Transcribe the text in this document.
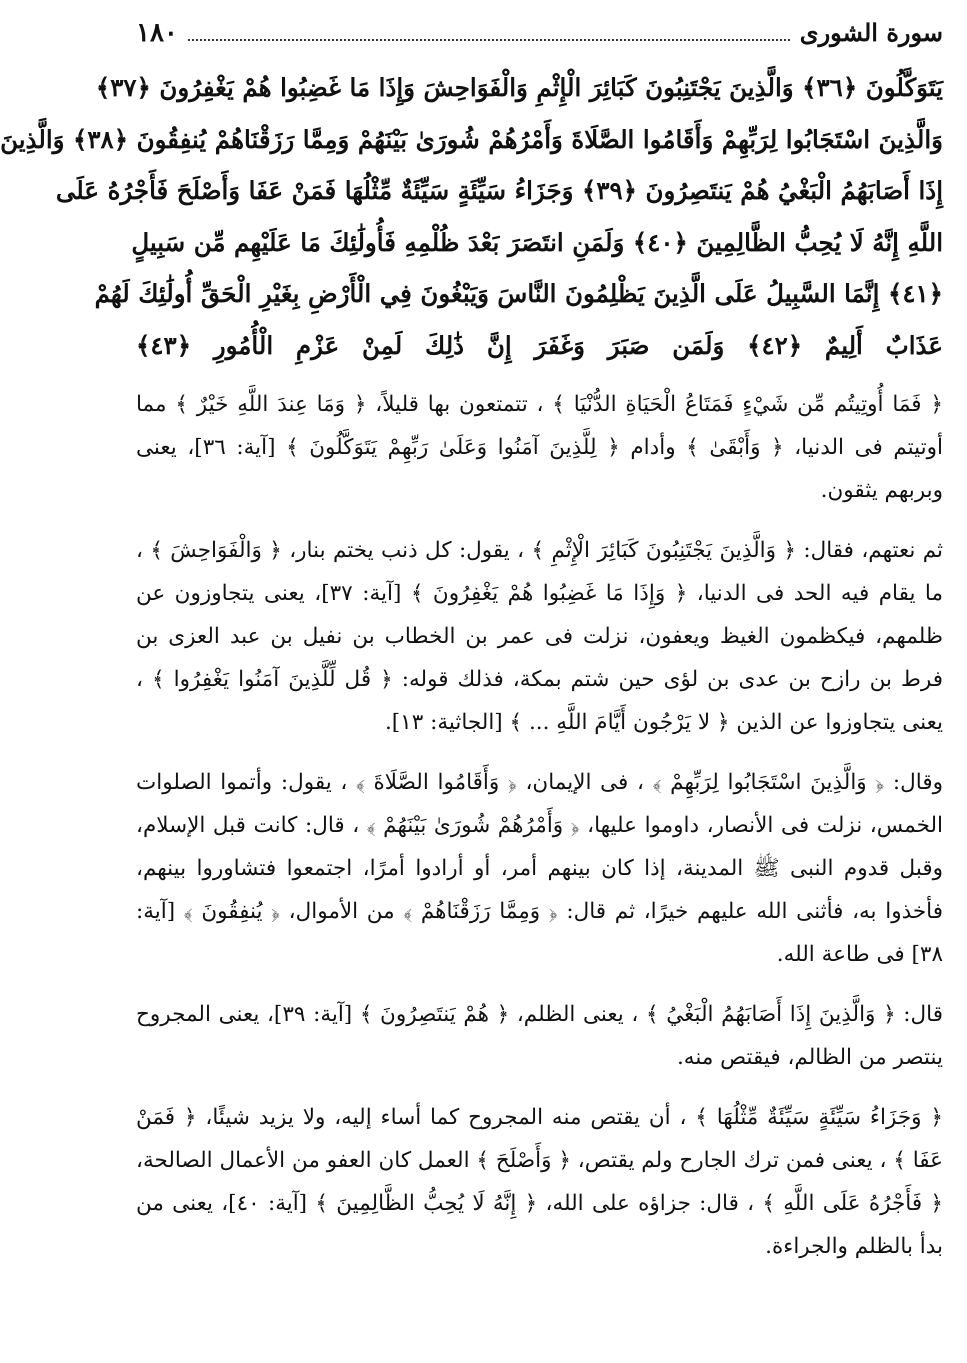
سورة الشورى
١٨٠
يَتَوَكَّلُونَ ﴿٣٦﴾ وَالَّذِينَ يَجْتَنِبُونَ كَبَائِرَ الْإِثْمِ وَالْفَوَاحِشَ وَإِذَا مَا غَضِبُوا هُمْ يَغْفِرُونَ ﴿٣٧﴾
وَالَّذِينَ اسْتَجَابُوا لِرَبِّهِمْ وَأَقَامُوا الصَّلَاةَ وَأَمْرُهُمْ شُورَىٰ بَيْنَهُمْ وَمِمَّا رَزَقْنَاهُمْ يُنفِقُونَ ﴿٣٨﴾ وَالَّذِينَ
إِذَا أَصَابَهُمُ الْبَغْيُ هُمْ يَنتَصِرُونَ ﴿٣٩﴾ وَجَزَاءُ سَيِّئَةٍ سَيِّئَةٌ مِّثْلُهَا فَمَنْ عَفَا وَأَصْلَحَ فَأَجْرُهُ عَلَى
اللَّهِ إِنَّهُ لَا يُحِبُّ الظَّالِمِينَ ﴿٤٠﴾ وَلَمَنِ انتَصَرَ بَعْدَ ظُلْمِهِ فَأُولَٰئِكَ مَا عَلَيْهِم مِّن سَبِيلٍ
﴿٤١﴾ إِنَّمَا السَّبِيلُ عَلَى الَّذِينَ يَظْلِمُونَ النَّاسَ وَيَبْغُونَ فِي الْأَرْضِ بِغَيْرِ الْحَقِّ أُولَٰئِكَ لَهُمْ
عَذَابٌ أَلِيمٌ ﴿٤٢﴾ وَلَمَن صَبَرَ وَغَفَرَ إِنَّ ذَٰلِكَ لَمِنْ عَزْمِ الْأُمُورِ ﴿٤٣﴾

﴿ فَمَا أُوتِيتُم مِّن شَيْءٍ فَمَتَاعُ الْحَيَاةِ الدُّنْيَا ﴾ ، تتمتعون بها قليلاً، ﴿ وَمَا عِندَ اللَّهِ خَيْرٌ ﴾ مما أوتيتم فى الدنيا، ﴿ وَأَبْقَىٰ ﴾ وأدام ﴿ لِلَّذِينَ آمَنُوا وَعَلَىٰ رَبِّهِمْ يَتَوَكَّلُونَ ﴾ [آية: ٣٦]، يعنى وبربهم يثقون.

ثم نعتهم، فقال: ﴿ وَالَّذِينَ يَجْتَنِبُونَ كَبَائِرَ الْإِثْمِ ﴾ ، يقول: كل ذنب يختم بنار، ﴿ وَالْفَوَاحِشَ ﴾ ، ما يقام فيه الحد فى الدنيا، ﴿ وَإِذَا مَا غَضِبُوا هُمْ يَغْفِرُونَ ﴾ [آية: ٣٧]، يعنى يتجاوزون عن ظلمهم، فيكظمون الغيظ ويعفون، نزلت فى عمر بن الخطاب بن نفيل بن عبد العزى بن فرط بن رازح بن عدى بن لؤى حين شتم بمكة، فذلك قوله: ﴿ قُل لِّلَّذِينَ آمَنُوا يَغْفِرُوا ﴾ ، يعنى يتجاوزوا عن الذين ﴿ لا يَرْجُون أَيَّامَ اللَّهِ ... ﴾ [الجاثية: ١٣].

وقال: ﴿ وَالَّذِينَ اسْتَجَابُوا لِرَبِّهِمْ ﴾ ، فى الإيمان، ﴿ وَأَقَامُوا الصَّلَاةَ ﴾ ، يقول: وأتموا الصلوات الخمس، نزلت فى الأنصار، داوموا عليها، ﴿ وَأَمْرُهُمْ شُورَىٰ بَيْنَهُمْ ﴾ ، قال: كانت قبل الإسلام، وقبل قدوم النبى ﷺ المدينة، إذا كان بينهم أمر، أو أرادوا أمرًا، اجتمعوا فتشاوروا بينهم، فأخذوا به، فأثنى الله عليهم خيرًا، ثم قال: ﴿ وَمِمَّا رَزَقْنَاهُمْ ﴾ من الأموال، ﴿ يُنفِقُونَ ﴾ [آية: ٣٨] فى طاعة الله.

قال: ﴿ وَالَّذِينَ إِذَا أَصَابَهُمُ الْبَغْيُ ﴾ ، يعنى الظلم، ﴿ هُمْ يَنتَصِرُونَ ﴾ [آية: ٣٩]، يعنى المجروح ينتصر من الظالم، فيقتص منه.

﴿ وَجَزَاءُ سَيِّئَةٍ سَيِّئَةٌ مِّثْلُهَا ﴾ ، أن يقتص منه المجروح كما أساء إليه، ولا يزيد شيئًا، ﴿ فَمَنْ عَفَا ﴾ ، يعنى فمن ترك الجارح ولم يقتص، ﴿ وَأَصْلَحَ ﴾ العمل كان العفو من الأعمال الصالحة، ﴿ فَأَجْرُهُ عَلَى اللَّهِ ﴾ ، قال: جزاؤه على الله، ﴿ إِنَّهُ لَا يُحِبُّ الظَّالِمِينَ ﴾ [آية: ٤٠]، يعنى من بدأ بالظلم والجراءة.
